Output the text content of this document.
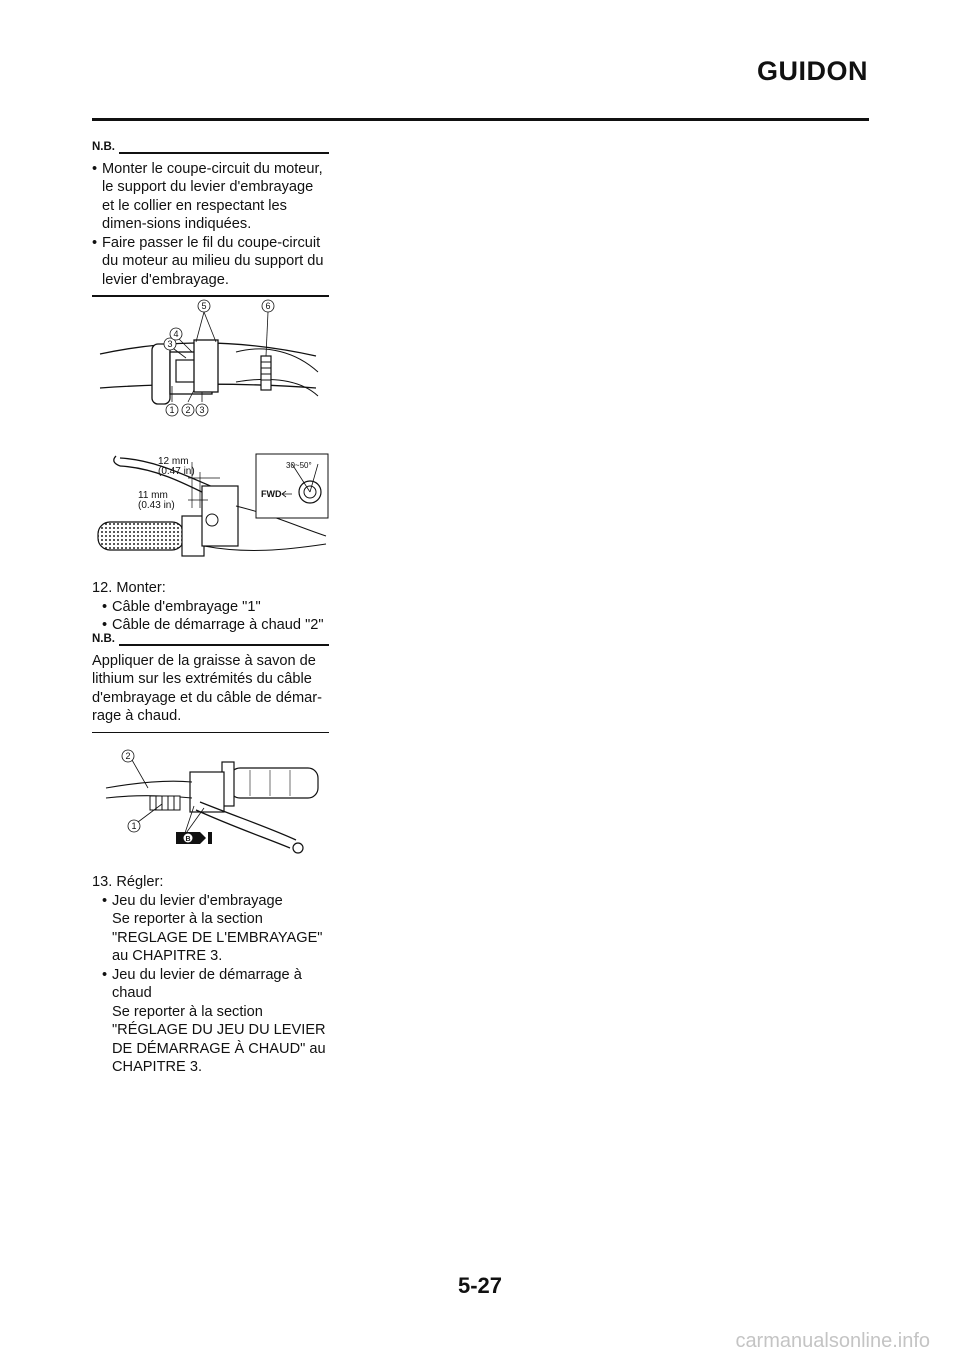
GUIDON
N.B.
• Monter le coupe-circuit du moteur, le support du levier d'embrayage et le collier en respectant les dimen-sions indiquées.
• Faire passer le fil du coupe-circuit du moteur au milieu du support du levier d'embrayage.
1 2 3
3
4
5	6
12 mm
(0.47 in)
11 mm
(0.43 in)
30~50°
FWD
12. Monter:
• Câble d'embrayage "1"
• Câble de démarrage à chaud "2"
N.B.
Appliquer de la graisse à savon de lithium sur les extrémités du câble d'embrayage et du câble de démar-rage à chaud.
1
2
B
13. Régler:
• Jeu du levier d'embrayage
Se reporter à la section
"REGLAGE DE L'EMBRAYAGE"
au CHAPITRE 3.
• Jeu du levier de démarrage à chaud
Se reporter à la section
"RÉGLAGE DU JEU DU LEVIER
DE DÉMARRAGE À CHAUD" au
CHAPITRE 3.
5-27
carmanualsonline.info
